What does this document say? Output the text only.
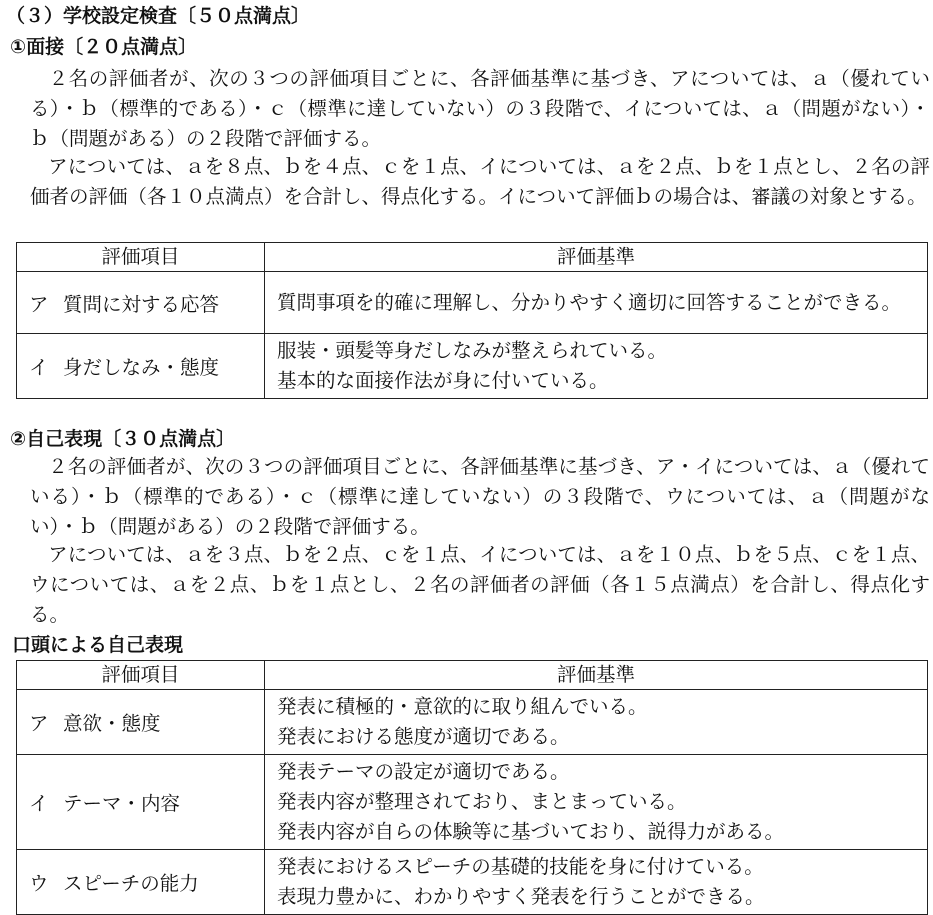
（３）学校設定検査〔５０点満点〕
①面接〔２０点満点〕

２名の評価者が、次の３つの評価項目ごとに、各評価基準に基づき、アについては、ａ（優れている）・ｂ（標準的である）・ｃ（標準に達していない）の３段階で、イについては、ａ（問題がない）・ｂ（問題がある）の２段階で評価する。

アについては、ａを８点、ｂを４点、ｃを１点、イについては、ａを２点、ｂを１点とし、２名の評価者の評価（各１０点満点）を合計し、得点化する。イについて評価ｂの場合は、審議の対象とする。

評価項目	評価基準
ア 質問に対する応答	質問事項を的確に理解し、分かりやすく適切に回答することができる。

イ 身だしなみ・態度	服装・頭髪等身だしなみが整えられている。
基本的な面接作法が身に付いている。
②自己表現〔３０点満点〕

２名の評価者が、次の３つの評価項目ごとに、各評価基準に基づき、ア・イについては、ａ（優れている）・ｂ（標準的である）・ｃ（標準に達していない）の３段階で、ウについては、ａ（問題がない）・ｂ（問題がある）の２段階で評価する。

アについては、ａを３点、ｂを２点、ｃを１点、イについては、ａを１０点、ｂを５点、ｃを１点、ウについては、ａを２点、ｂを１点とし、２名の評価者の評価（各１５点満点）を合計し、得点化する。

口頭による自己表現
評価項目	評価基準
ア 意欲・態度	発表に積極的・意欲的に取り組んでいる。
発表における態度が適切である。

イ テーマ・内容	発表テーマの設定が適切である。
発表内容が整理されており、まとまっている。
発表内容が自らの体験等に基づいており、説得力がある。

ウ スピーチの能力	発表におけるスピーチの基礎的技能を身に付けている。
表現力豊かに、わかりやすく発表を行うことができる。
